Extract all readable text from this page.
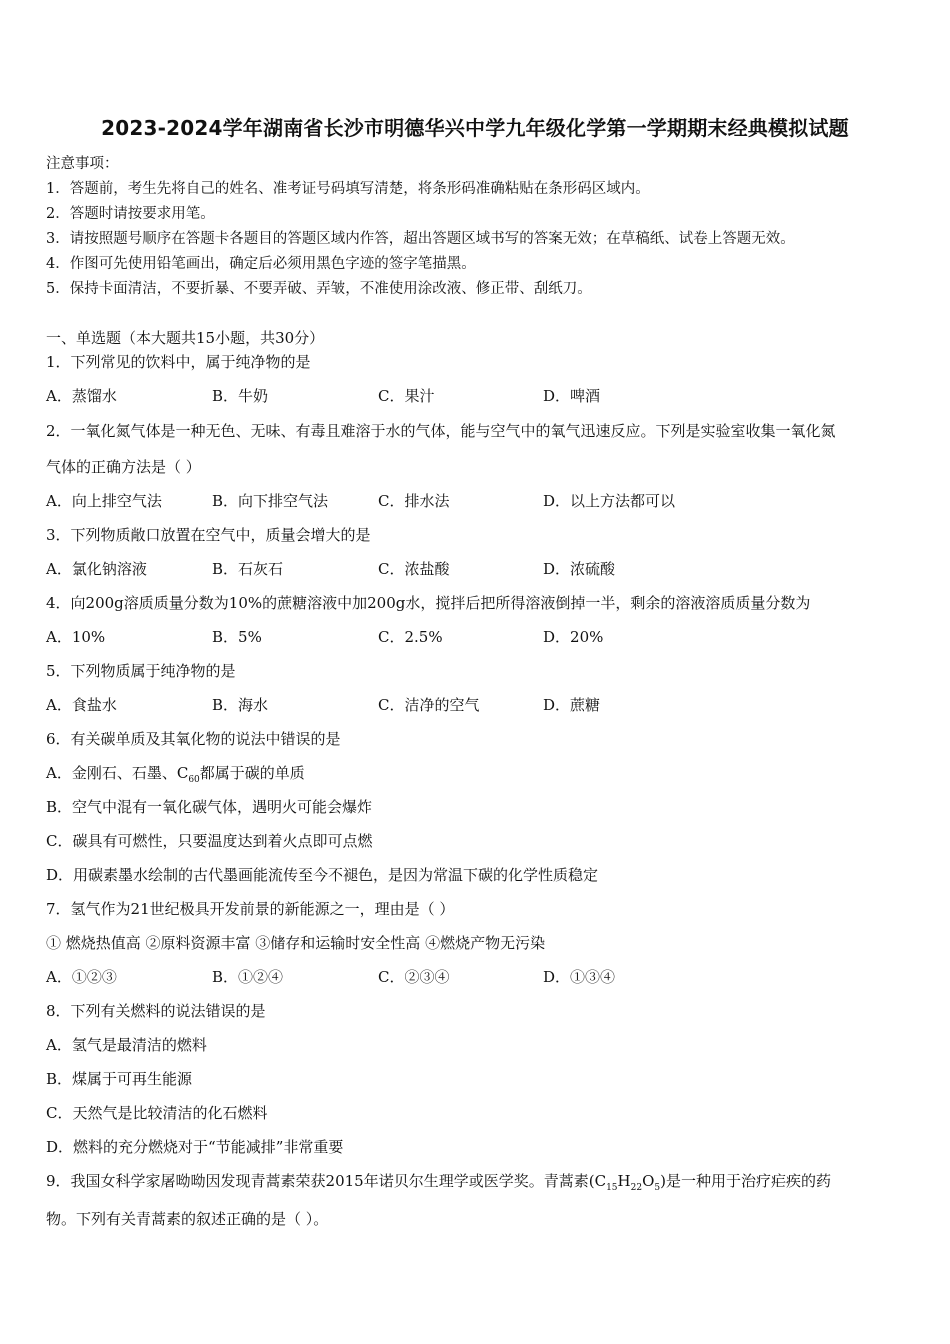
2023-2024学年湖南省长沙市明德华兴中学九年级化学第一学期期末经典模拟试题
注意事项：
1．答题前，考生先将自己的姓名、准考证号码填写清楚，将条形码准确粘贴在条形码区域内。
2．答题时请按要求用笔。
3．请按照题号顺序在答题卡各题目的答题区域内作答，超出答题区域书写的答案无效；在草稿纸、试卷上答题无效。
4．作图可先使用铅笔画出，确定后必须用黑色字迹的签字笔描黑。
5．保持卡面清洁，不要折暴、不要弄破、弄皱，不准使用涂改液、修正带、刮纸刀。
一、单选题（本大题共15小题，共30分）
1．下列常见的饮料中，属于纯净物的是
A．蒸馏水	B．牛奶	C．果汁	D．啤酒
2．一氧化氮气体是一种无色、无味、有毒且难溶于水的气体，能与空气中的氧气迅速反应。下列是实验室收集一氧化氮
气体的正确方法是（ ）
A．向上排空气法	B．向下排空气法	C．排水法	D．以上方法都可以
3．下列物质敞口放置在空气中，质量会增大的是
A．氯化钠溶液	B．石灰石	C．浓盐酸	D．浓硫酸
4．向200g溶质质量分数为10%的蔗糖溶液中加200g水，搅拌后把所得溶液倒掉一半，剩余的溶液溶质质量分数为
A．10%	B．5%	C．2.5%	D．20%
5．下列物质属于纯净物的是
A．食盐水	B．海水	C．洁净的空气	D．蔗糖
6．有关碳单质及其氧化物的说法中错误的是
A．金刚石、石墨、$C_{60}$都属于碳的单质
B．空气中混有一氧化碳气体，遇明火可能会爆炸
C．碳具有可燃性，只要温度达到着火点即可点燃
D．用碳素墨水绘制的古代墨画能流传至今不褪色，是因为常温下碳的化学性质稳定
7．氢气作为21世纪极具开发前景的新能源之一，理由是（ ）
① 燃烧热值高 ②原料资源丰富 ③储存和运输时安全性高 ④燃烧产物无污染
A．①②③	B．①②④	C．②③④	D．①③④
8．下列有关燃料的说法错误的是
A．氢气是最清洁的燃料
B．煤属于可再生能源
C．天然气是比较清洁的化石燃料
D．燃料的充分燃烧对于“节能减排”非常重要
9．我国女科学家屠呦呦因发现青蒿素荣获2015年诺贝尔生理学或医学奖。青蒿素$(C_{15}H_{22}O_5)$是一种用于治疗疟疾的药
物。下列有关青蒿素的叙述正确的是（ ）。
